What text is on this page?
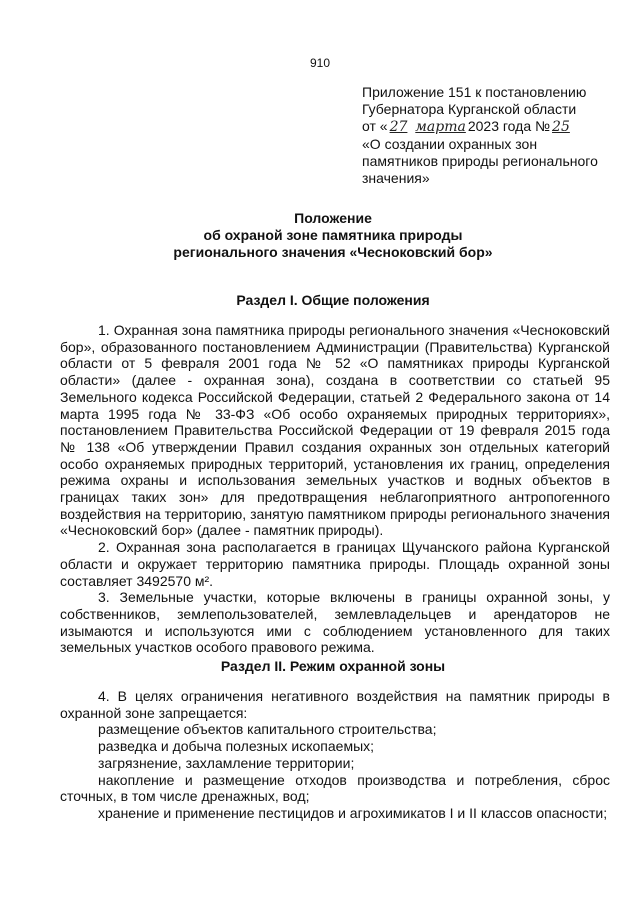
910
Приложение 151 к постановлению
Губернатора Курганской области
от « 27 марта 2023 года № 25
«О создании охранных зон
памятников природы регионального
значения»
Положение
об охраной зоне памятника природы
регионального значения «Чесноковский бор»
Раздел I. Общие положения

1. Охранная зона памятника природы регионального значения «Чесноковский бор», образованного постановлением Администрации (Правительства) Курганской области от 5 февраля 2001 года № 52 «О памятниках природы Курганской области» (далее - охранная зона), создана в соответствии со статьей 95 Земельного кодекса Российской Федерации, статьей 2 Федерального закона от 14 марта 1995 года № 33-ФЗ «Об особо охраняемых природных территориях», постановлением Правительства Российской Федерации от 19 февраля 2015 года № 138 «Об утверждении Правил создания охранных зон отдельных категорий особо охраняемых природных территорий, установления их границ, определения режима охраны и использования земельных участков и водных объектов в границах таких зон» для предотвращения неблагоприятного антропогенного воздействия на территорию, занятую памятником природы регионального значения «Чесноковский бор» (далее - памятник природы).

2. Охранная зона располагается в границах Щучанского района Курганской области и окружает территорию памятника природы. Площадь охранной зоны составляет 3492570 м².

3. Земельные участки, которые включены в границы охранной зоны, у собственников, землепользователей, землевладельцев и арендаторов не изымаются и используются ими с соблюдением установленного для таких земельных участков особого правового режима.

Раздел II. Режим охранной зоны

4. В целях ограничения негативного воздействия на памятник природы в охранной зоне запрещается:

размещение объектов капитального строительства;

разведка и добыча полезных ископаемых;

загрязнение, захламление территории;

накопление и размещение отходов производства и потребления, сброс сточных, в том числе дренажных, вод;

хранение и применение пестицидов и агрохимикатов I и II классов опасности;
